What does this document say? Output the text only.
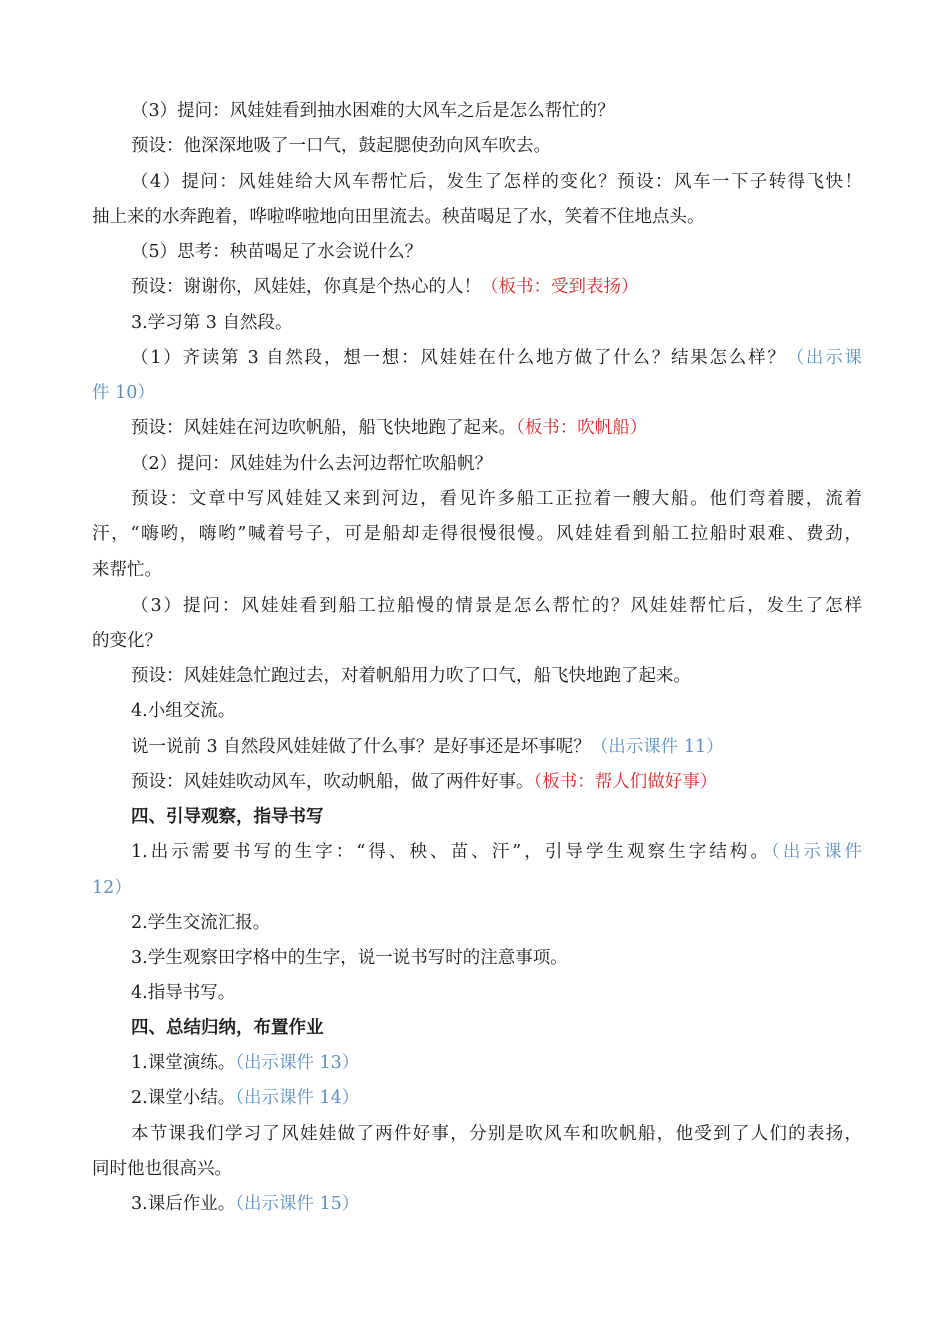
（3）提问：风娃娃看到抽水困难的大风车之后是怎么帮忙的？
预设：他深深地吸了一口气，鼓起腮使劲向风车吹去。
（4）提问：风娃娃给大风车帮忙后，发生了怎样的变化？预设：风车一下子转得飞快！
抽上来的水奔跑着，哗啦哗啦地向田里流去。秧苗喝足了水，笑着不住地点头。
（5）思考：秧苗喝足了水会说什么？
预设：谢谢你，风娃娃，你真是个热心的人！（板书：受到表扬）
3.学习第 3 自然段。
（1）齐读第 3 自然段，想一想：风娃娃在什么地方做了什么？结果怎么样？（出示课
件 10）
预设：风娃娃在河边吹帆船，船飞快地跑了起来。（板书：吹帆船）
（2）提问：风娃娃为什么去河边帮忙吹船帆？
预设：文章中写风娃娃又来到河边，看见许多船工正拉着一艘大船。他们弯着腰，流着
汗，“嗨哟，嗨哟”喊着号子，可是船却走得很慢很慢。风娃娃看到船工拉船时艰难、费劲，
来帮忙。
（3）提问：风娃娃看到船工拉船慢的情景是怎么帮忙的？风娃娃帮忙后，发生了怎样
的变化？
预设：风娃娃急忙跑过去，对着帆船用力吹了口气，船飞快地跑了起来。
4.小组交流。
说一说前 3 自然段风娃娃做了什么事？是好事还是坏事呢？（出示课件 11）
预设：风娃娃吹动风车，吹动帆船，做了两件好事。（板书：帮人们做好事）
四、引导观察，指导书写
1.出示需要书写的生字：“得、秧、苗、汗”，引导学生观察生字结构。（出示课件
12）
2.学生交流汇报。
3.学生观察田字格中的生字，说一说书写时的注意事项。
4.指导书写。
四、总结归纳，布置作业
1.课堂演练。（出示课件 13）
2.课堂小结。（出示课件 14）
本节课我们学习了风娃娃做了两件好事，分别是吹风车和吹帆船，他受到了人们的表扬，
同时他也很高兴。
3.课后作业。（出示课件 15）
